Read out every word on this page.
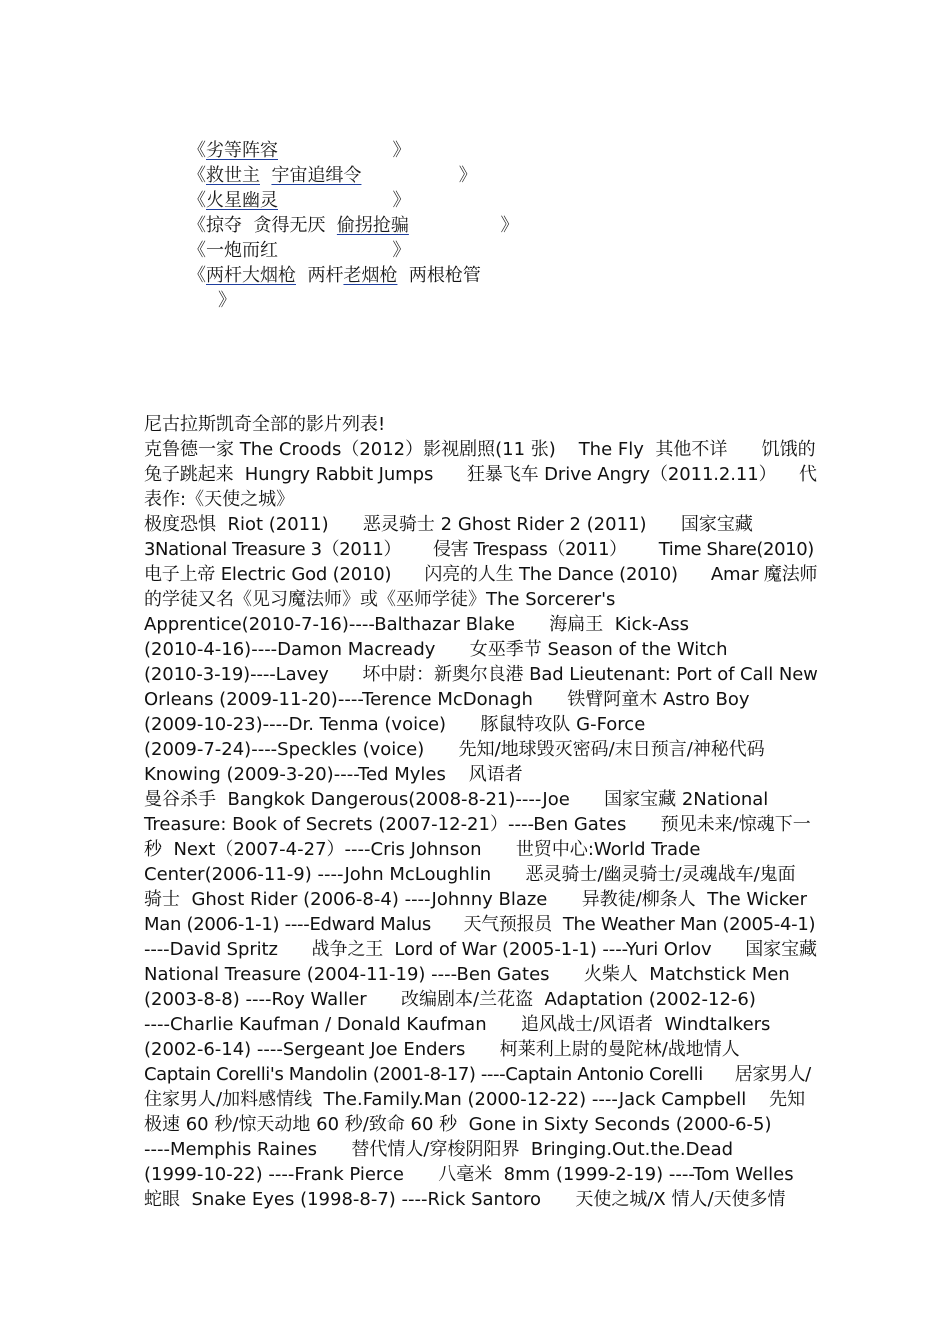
《劣等阵容	》
《救世主 宇宙追缉令	》
《火星幽灵	》
《掠夺  贪得无厌  偷拐抢骗	》
《一炮而红                    》
《两杆大烟枪  两杆老烟枪  两根枪管
》
尼古拉斯凯奇全部的影片列表!
克鲁德一家 The Croods（2012）影视剧照(11 张)    The Fly  其他不详      饥饿的
兔子跳起来  Hungry Rabbit Jumps      狂暴飞车 Drive Angry（2011.2.11）    代
表作:《天使之城》
极度恐惧  Riot (2011)      恶灵骑士 2 Ghost Rider 2 (2011)      国家宝藏
3National Treasure 3（2011）      侵害 Trespass（2011）      Time Share(2010)
电子上帝 Electric God (2010)      闪亮的人生 The Dance (2010)      Amar 魔法师
的学徒又名《见习魔法师》或《巫师学徒》The Sorcerer's
Apprentice(2010-7-16)----Balthazar Blake      海扁王  Kick-Ass
(2010-4-16)----Damon Macready      女巫季节 Season of the Witch
(2010-3-19)----Lavey      坏中尉：新奥尔良港 Bad Lieutenant: Port of Call New
Orleans (2009-11-20)----Terence McDonagh      铁臂阿童木 Astro Boy
(2009-10-23)----Dr. Tenma (voice)      豚鼠特攻队 G-Force
(2009-7-24)----Speckles (voice)      先知/地球毁灭密码/末日预言/神秘代码
Knowing (2009-3-20)----Ted Myles    风语者
曼谷杀手  Bangkok Dangerous(2008-8-21)----Joe      国家宝藏 2National
Treasure: Book of Secrets (2007-12-21）----Ben Gates      预见未来/惊魂下一
秒  Next（2007-4-27）----Cris Johnson      世贸中心:World Trade
Center(2006-11-9) ----John McLoughlin      恶灵骑士/幽灵骑士/灵魂战车/鬼面
骑士  Ghost Rider (2006-8-4) ----Johnny Blaze      异教徒/柳条人  The Wicker
Man (2006-1-1) ----Edward Malus      天气预报员  The Weather Man (2005-4-1)
----David Spritz      战争之王  Lord of War (2005-1-1) ----Yuri Orlov      国家宝藏
National Treasure (2004-11-19) ----Ben Gates      火柴人  Matchstick Men
(2003-8-8) ----Roy Waller      改编剧本/兰花盗  Adaptation (2002-12-6)
----Charlie Kaufman / Donald Kaufman      追风战士/风语者  Windtalkers
(2002-6-14) ----Sergeant Joe Enders      柯莱利上尉的曼陀林/战地情人
Captain Corelli's Mandolin (2001-8-17) ----Captain Antonio Corelli      居家男人/
住家男人/加料感情线  The.Family.Man (2000-12-22) ----Jack Campbell    先知
极速 60 秒/惊天动地 60 秒/致命 60 秒  Gone in Sixty Seconds (2000-6-5)
----Memphis Raines      替代情人/穿梭阴阳界  Bringing.Out.the.Dead
(1999-10-22) ----Frank Pierce      八毫米  8mm (1999-2-19) ----Tom Welles
蛇眼  Snake Eyes (1998-8-7) ----Rick Santoro      天使之城/X 情人/天使多情
